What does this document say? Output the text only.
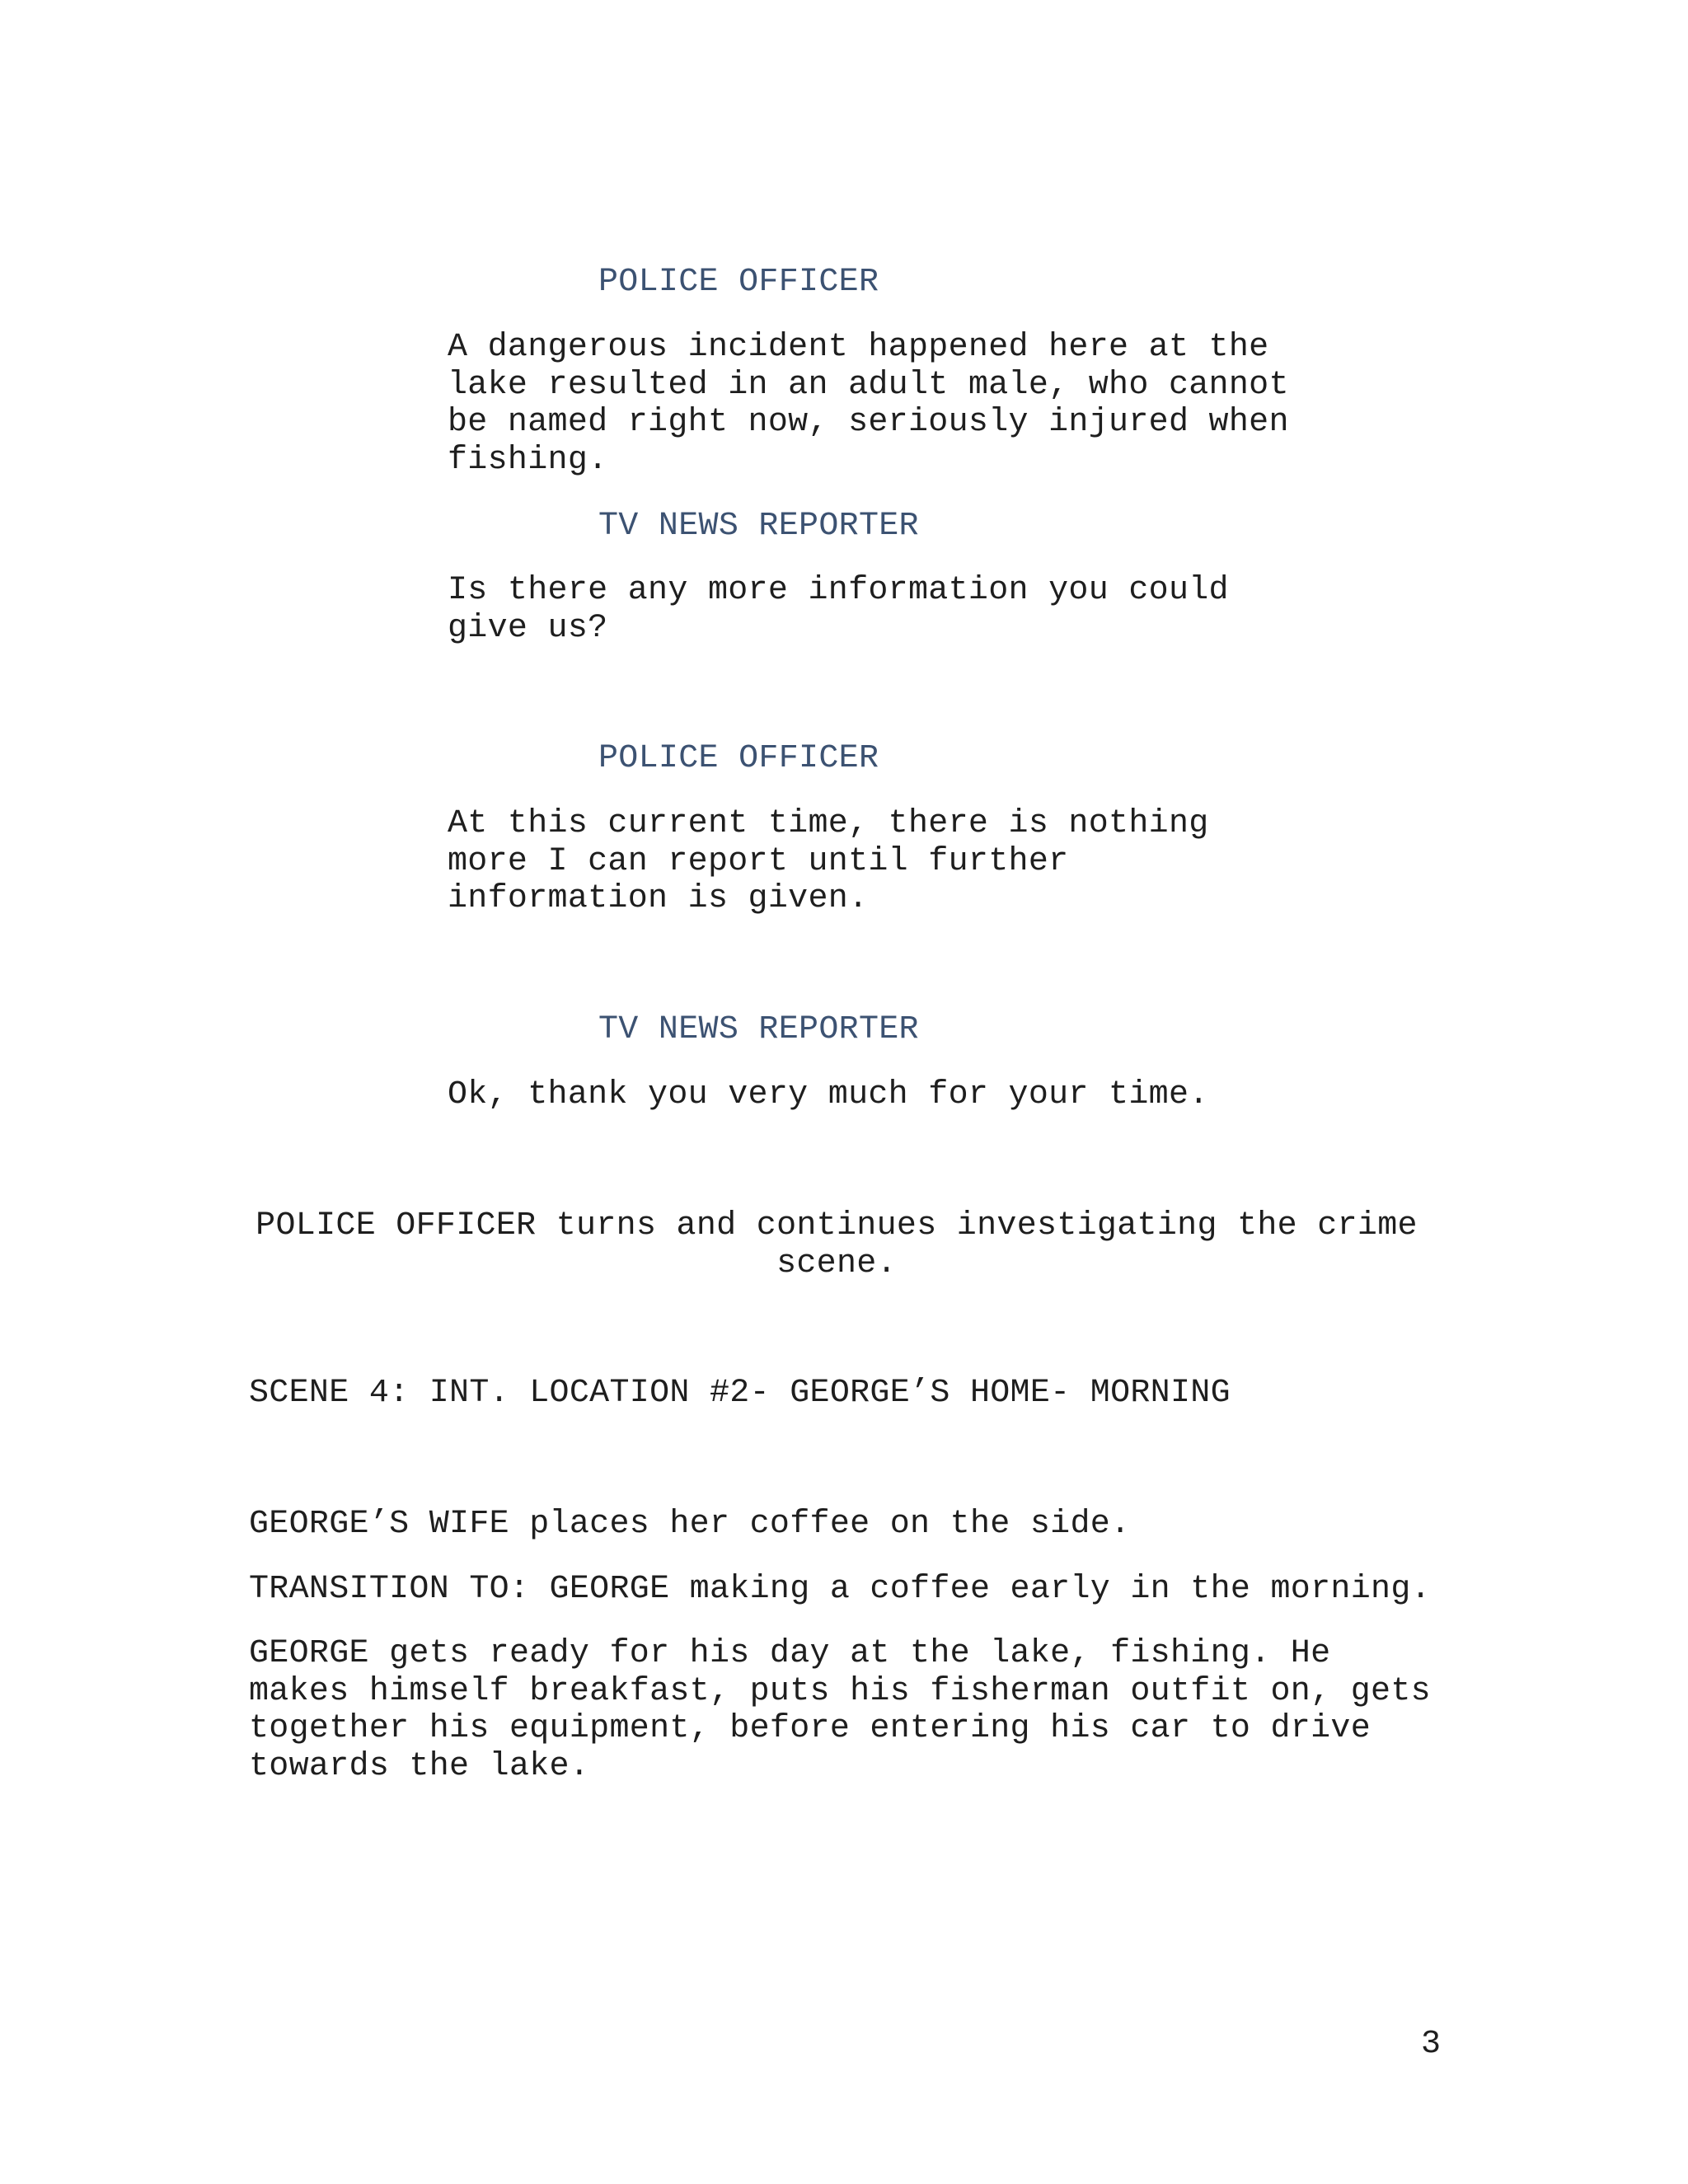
POLICE OFFICER
A dangerous incident happened here at the
lake resulted in an adult male, who cannot
be named right now, seriously injured when
fishing.
TV NEWS REPORTER
Is there any more information you could
give us?
POLICE OFFICER
At this current time, there is nothing
more I can report until further
information is given.
TV NEWS REPORTER
Ok, thank you very much for your time.
POLICE OFFICER turns and continues investigating the crime
scene.
SCENE 4: INT. LOCATION #2- GEORGE’S HOME- MORNING
GEORGE’S WIFE places her coffee on the side.
TRANSITION TO: GEORGE making a coffee early in the morning.
GEORGE gets ready for his day at the lake, fishing. He
makes himself breakfast, puts his fisherman outfit on, gets
together his equipment, before entering his car to drive
towards the lake.
3
